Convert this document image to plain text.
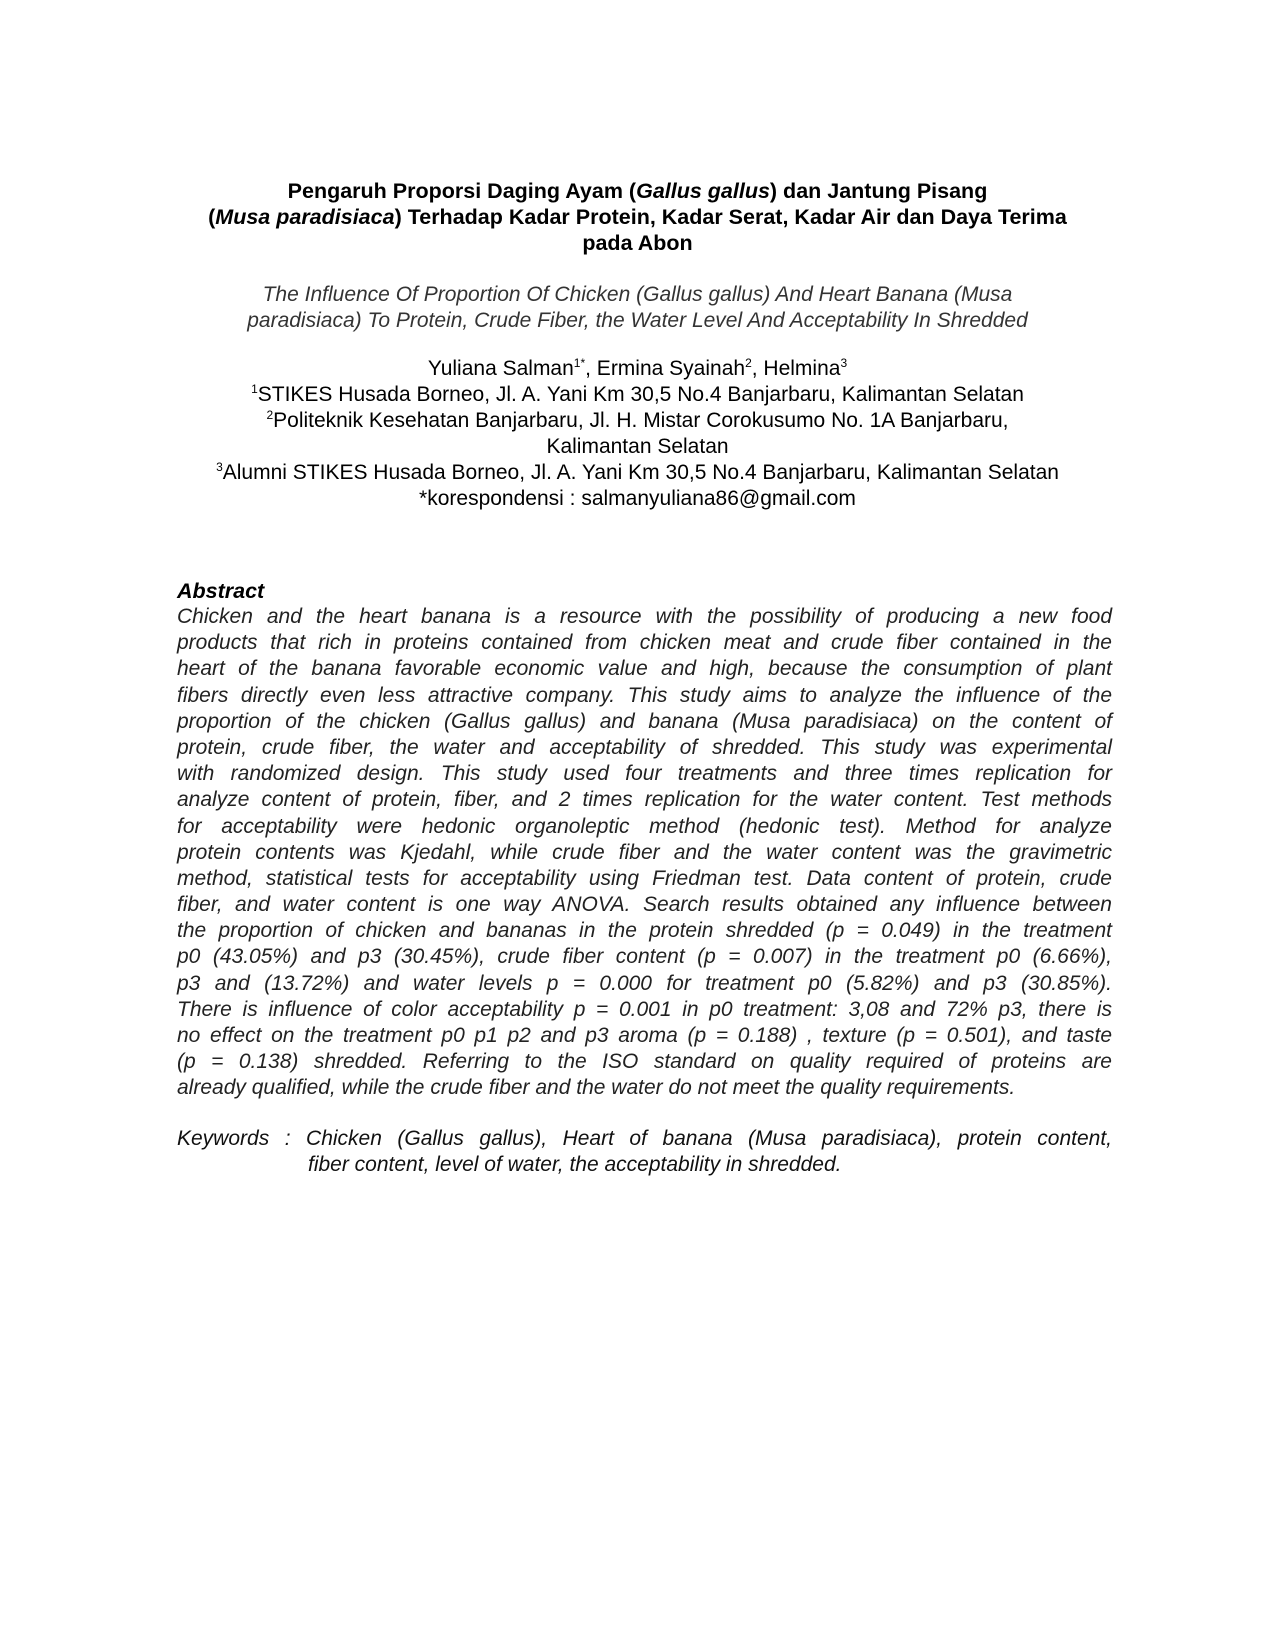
Pengaruh Proporsi Daging Ayam (Gallus gallus) dan Jantung Pisang
(Musa paradisiaca) Terhadap Kadar Protein, Kadar Serat, Kadar Air dan Daya Terima
pada Abon
The Influence Of Proportion Of Chicken (Gallus gallus) And Heart Banana (Musa
paradisiaca) To Protein, Crude Fiber, the Water Level And Acceptability In Shredded
Yuliana Salman$^{1*}$, Ermina Syainah$^2$, Helmina$^3$
$^1$STIKES Husada Borneo, Jl. A. Yani Km 30,5 No.4 Banjarbaru, Kalimantan Selatan
$^2$Politeknik Kesehatan Banjarbaru, Jl. H. Mistar Corokusumo No. 1A Banjarbaru,
Kalimantan Selatan
$^3$Alumni STIKES Husada Borneo, Jl. A. Yani Km 30,5 No.4 Banjarbaru, Kalimantan Selatan
*korespondensi : salmanyuliana86@gmail.com
Abstract
Chicken and the heart banana is a resource with the possibility of producing a new food
products that rich in proteins contained from chicken meat and crude fiber contained in the
heart of the banana favorable economic value and high, because the consumption of plant
fibers directly even less attractive company. This study aims to analyze the influence of the
proportion of the chicken (Gallus gallus) and banana (Musa paradisiaca) on the content of
protein, crude fiber, the water and acceptability of shredded. This study was experimental
with randomized design. This study used four treatments and three times replication for
analyze content of protein, fiber, and 2 times replication for the water content. Test methods
for acceptability were hedonic organoleptic method (hedonic test). Method for analyze
protein contents was Kjedahl, while crude fiber and the water content was the gravimetric
method, statistical tests for acceptability using Friedman test. Data content of protein, crude
fiber, and water content is one way ANOVA. Search results obtained any influence between
the proportion of chicken and bananas in the protein shredded (p = 0.049) in the treatment
p0 (43.05%) and p3 (30.45%), crude fiber content (p = 0.007) in the treatment p0 (6.66%),
p3 and (13.72%) and water levels p = 0.000 for treatment p0 (5.82%) and p3 (30.85%).
There is influence of color acceptability p = 0.001 in p0 treatment: 3,08 and 72% p3, there is
no effect on the treatment p0 p1 p2 and p3 aroma (p = 0.188) , texture (p = 0.501), and taste
(p = 0.138) shredded. Referring to the ISO standard on quality required of proteins are
already qualified, while the crude fiber and the water do not meet the quality requirements.
Keywords : Chicken (Gallus gallus), Heart of banana (Musa paradisiaca), protein content,
fiber content, level of water, the acceptability in shredded.
